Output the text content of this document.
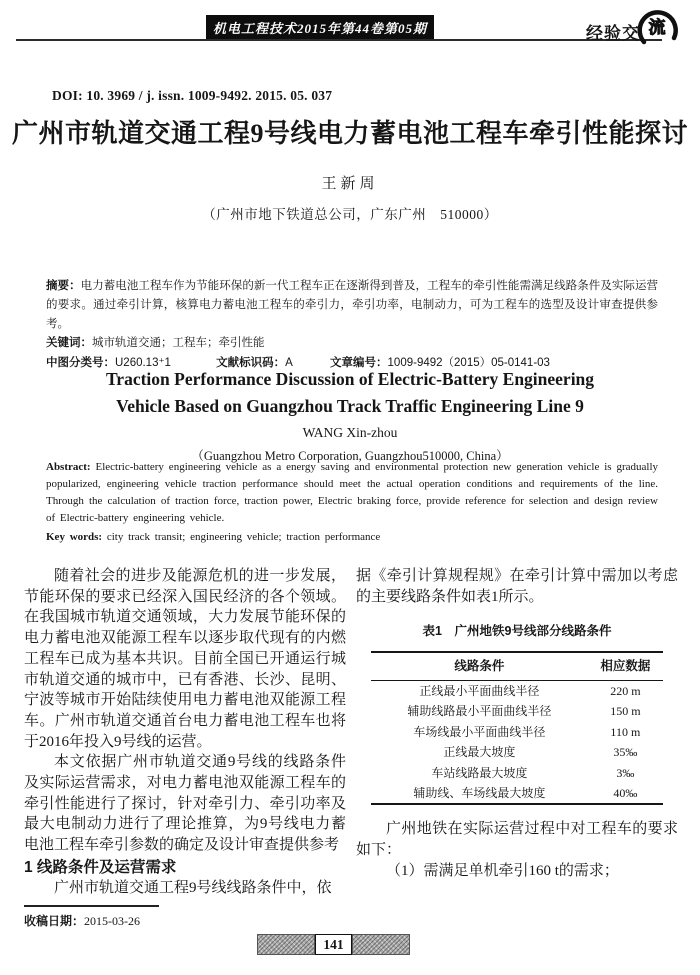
机电工程技术2015年第44卷第05期	经验交 流
DOI: 10. 3969 / j. issn. 1009-9492. 2015. 05. 037
广州市轨道交通工程9号线电力蓄电池工程车牵引性能探讨
王新周
（广州市地下铁道总公司，广东广州　510000）

摘要：电力蓄电池工程车作为节能环保的新一代工程车正在逐渐得到普及，工程车的牵引性能需满足线路条件及实际运营的要求。通过牵引计算，核算电力蓄电池工程车的牵引力，牵引功率，电制动力，可为工程车的选型及设计审查提供参考。

关键词：城市轨道交通；工程车；牵引性能

中图分类号：U260.13⁺1	文献标识码：A	文章编号：1009-9492（2015）05-0141-03

Traction Performance Discussion of Electric-Battery Engineering
Vehicle Based on Guangzhou Track Traffic Engineering Line 9
WANG Xin-zhou
（Guangzhou Metro Corporation, Guangzhou510000, China）

Abstract: Electric-battery engineering vehicle as a energy saving and environmental protection new generation vehicle is gradually popularized, engineering vehicle traction performance should meet the actual operation conditions and requirements of the line. Through the calculation of traction force, traction power, Electric braking force, provide reference for selection and design review of Electric-battery engineering vehicle.

Key words: city track transit; engineering vehicle; traction performance

随着社会的进步及能源危机的进一步发展，节能环保的要求已经深入国民经济的各个领域。在我国城市轨道交通领域，大力发展节能环保的电力蓄电池双能源工程车以逐步取代现有的内燃工程车已成为基本共识。目前全国已开通运行城市轨道交通的城市中，已有香港、长沙、昆明、宁波等城市开始陆续使用电力蓄电池双能源工程车。广州市轨道交通首台电力蓄电池工程车也将于2016年投入9号线的运营。

本文依据广州市轨道交通9号线的线路条件及实际运营需求，对电力蓄电池双能源工程车的牵引性能进行了探讨，针对牵引力、牵引功率及最大电制动力进行了理论推算，为9号线电力蓄电池工程车牵引参数的确定及设计审查提供参考

1 线路条件及运营需求

广州市轨道交通工程9号线线路条件中，依

据《牵引计算规程规》在牵引计算中需加以考虑的主要线路条件如表1所示。

表1　广州地铁9号线部分线路条件
线路条件	相应数据
正线最小平面曲线半径	220 m
辅助线路最小平面曲线半径	150 m
车场线最小平面曲线半径	110 m
正线最大坡度	35‰
车站线路最大坡度	3‰
辅助线、车场线最大坡度	40‰

广州地铁在实际运营过程中对工程车的要求如下：

（1）需满足单机牵引160 t的需求；

收稿日期：2015-03-26
141
